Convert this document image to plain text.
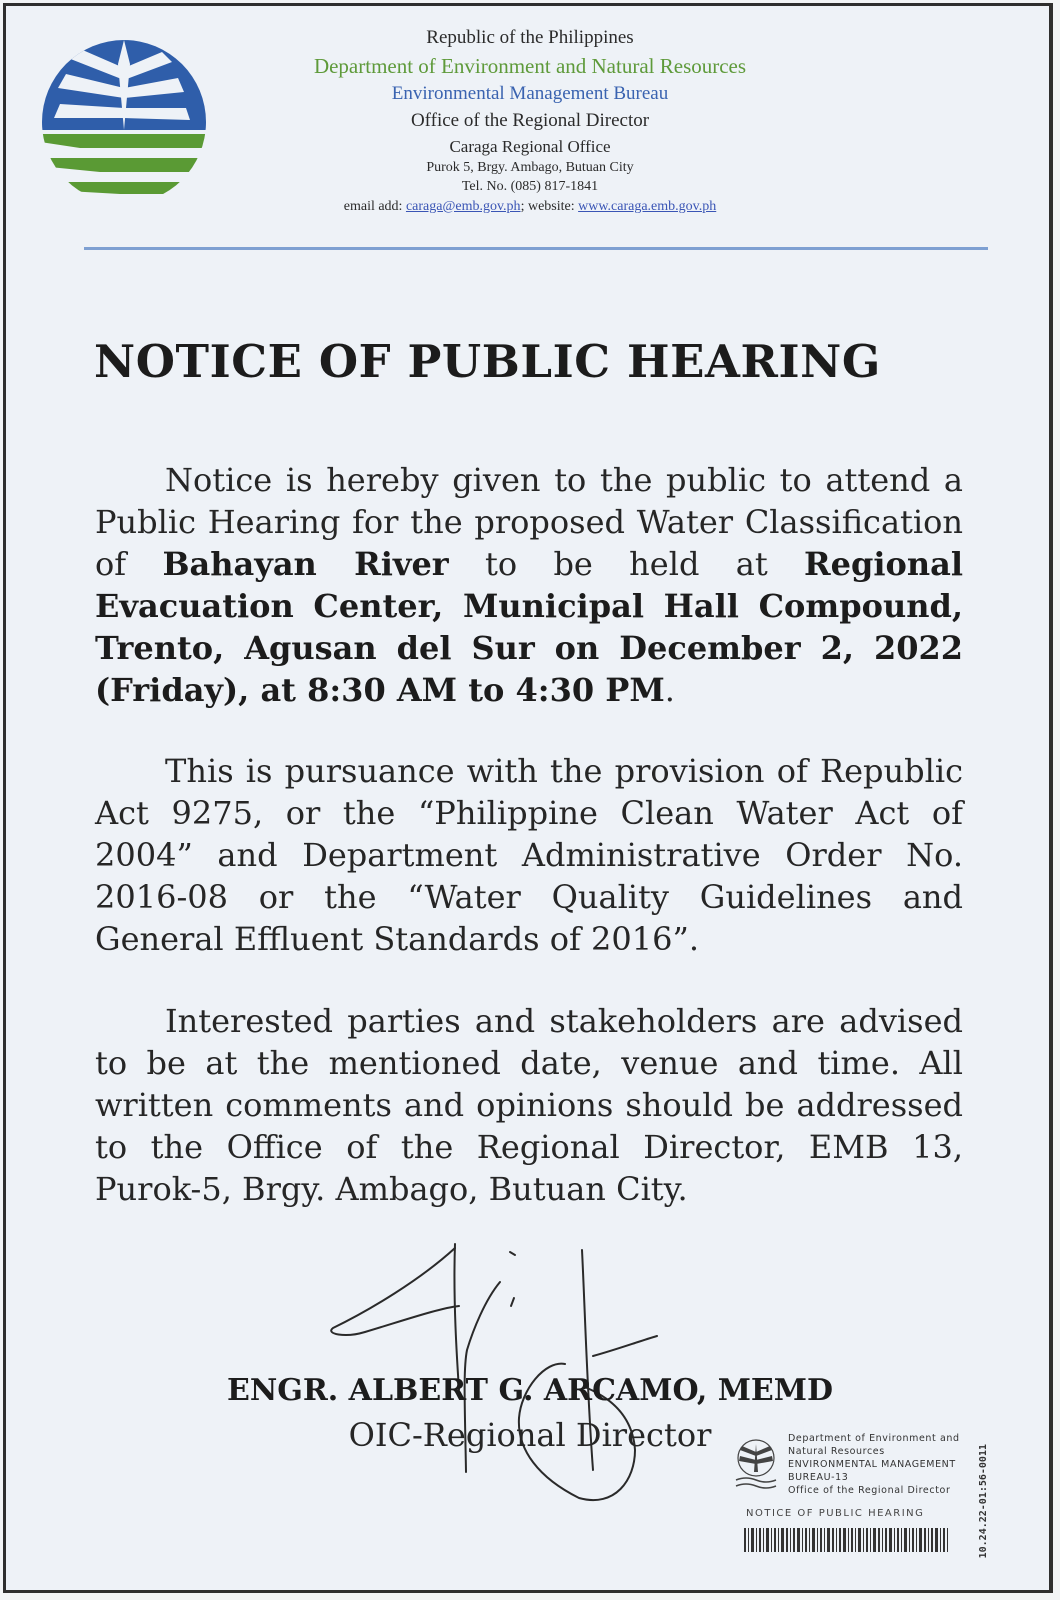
Republic of the Philippines
Department of Environment and Natural Resources
Environmental Management Bureau
Office of the Regional Director
Caraga Regional Office
Purok 5, Brgy. Ambago, Butuan City
Tel. No. (085) 817-1841
email add: caraga@emb.gov.ph; website: www.caraga.emb.gov.ph
NOTICE OF PUBLIC HEARING

Notice is hereby given to the public to attend a Public Hearing for the proposed Water Classification of Bahayan River to be held at Regional Evacuation Center, Municipal Hall Compound, Trento, Agusan del Sur on December 2, 2022 (Friday), at 8:30 AM to 4:30 PM.

This is pursuance with the provision of Republic Act 9275, or the “Philippine Clean Water Act of 2004” and Department Administrative Order No. 2016-08 or the “Water Quality Guidelines and General Effluent Standards of 2016”.

Interested parties and stakeholders are advised to be at the mentioned date, venue and time. All written comments and opinions should be addressed to the Office of the Regional Director, EMB 13, Purok-5, Brgy. Ambago, Butuan City.

ENGR. ALBERT G. ARCAMO, MEMD

OIC-Regional Director	Department of Environment and
Natural Resources
ENVIRONMENTAL MANAGEMENT
BUREAU-13
Office of the Regional Director
NOTICE OF PUBLIC HEARING	10.24.22-01:56-0011
